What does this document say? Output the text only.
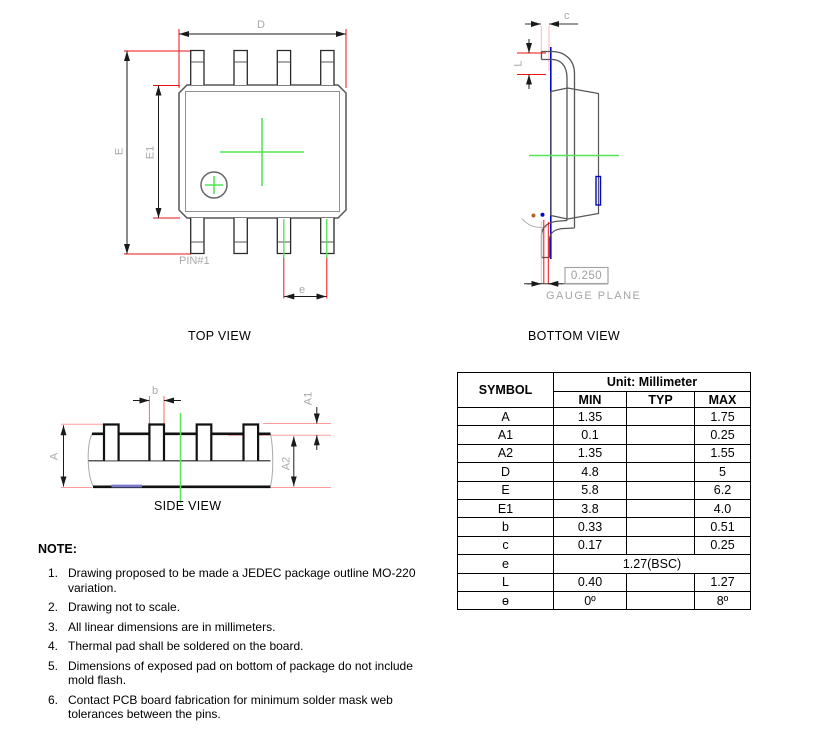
D
E E1
PIN#1
e
c
L
0.250
GAUGE PLANE
b
A
A1
A2
TOP VIEW	BOTTOM VIEW
SIDE VIEW
SYMBOL	Unit: Millimeter		
	MIN	TYP	MAX
A	1.35		1.75
A1	0.1		0.25
A2	1.35		1.55
D	4.8		5
E	5.8		6.2
E1	3.8		4.0
b	0.33		0.51
c	0.17		0.25
e	1.27(BSC)		
L	0.40		1.27
ɵ	0º		8º
NOTE:
1. Drawing proposed to be made a JEDEC package outline MO-220 variation.
2. Drawing not to scale.
3. All linear dimensions are in millimeters.
4. Thermal pad shall be soldered on the board.
5. Dimensions of exposed pad on bottom of package do not include mold flash.
6. Contact PCB board fabrication for minimum solder mask web tolerances between the pins.
